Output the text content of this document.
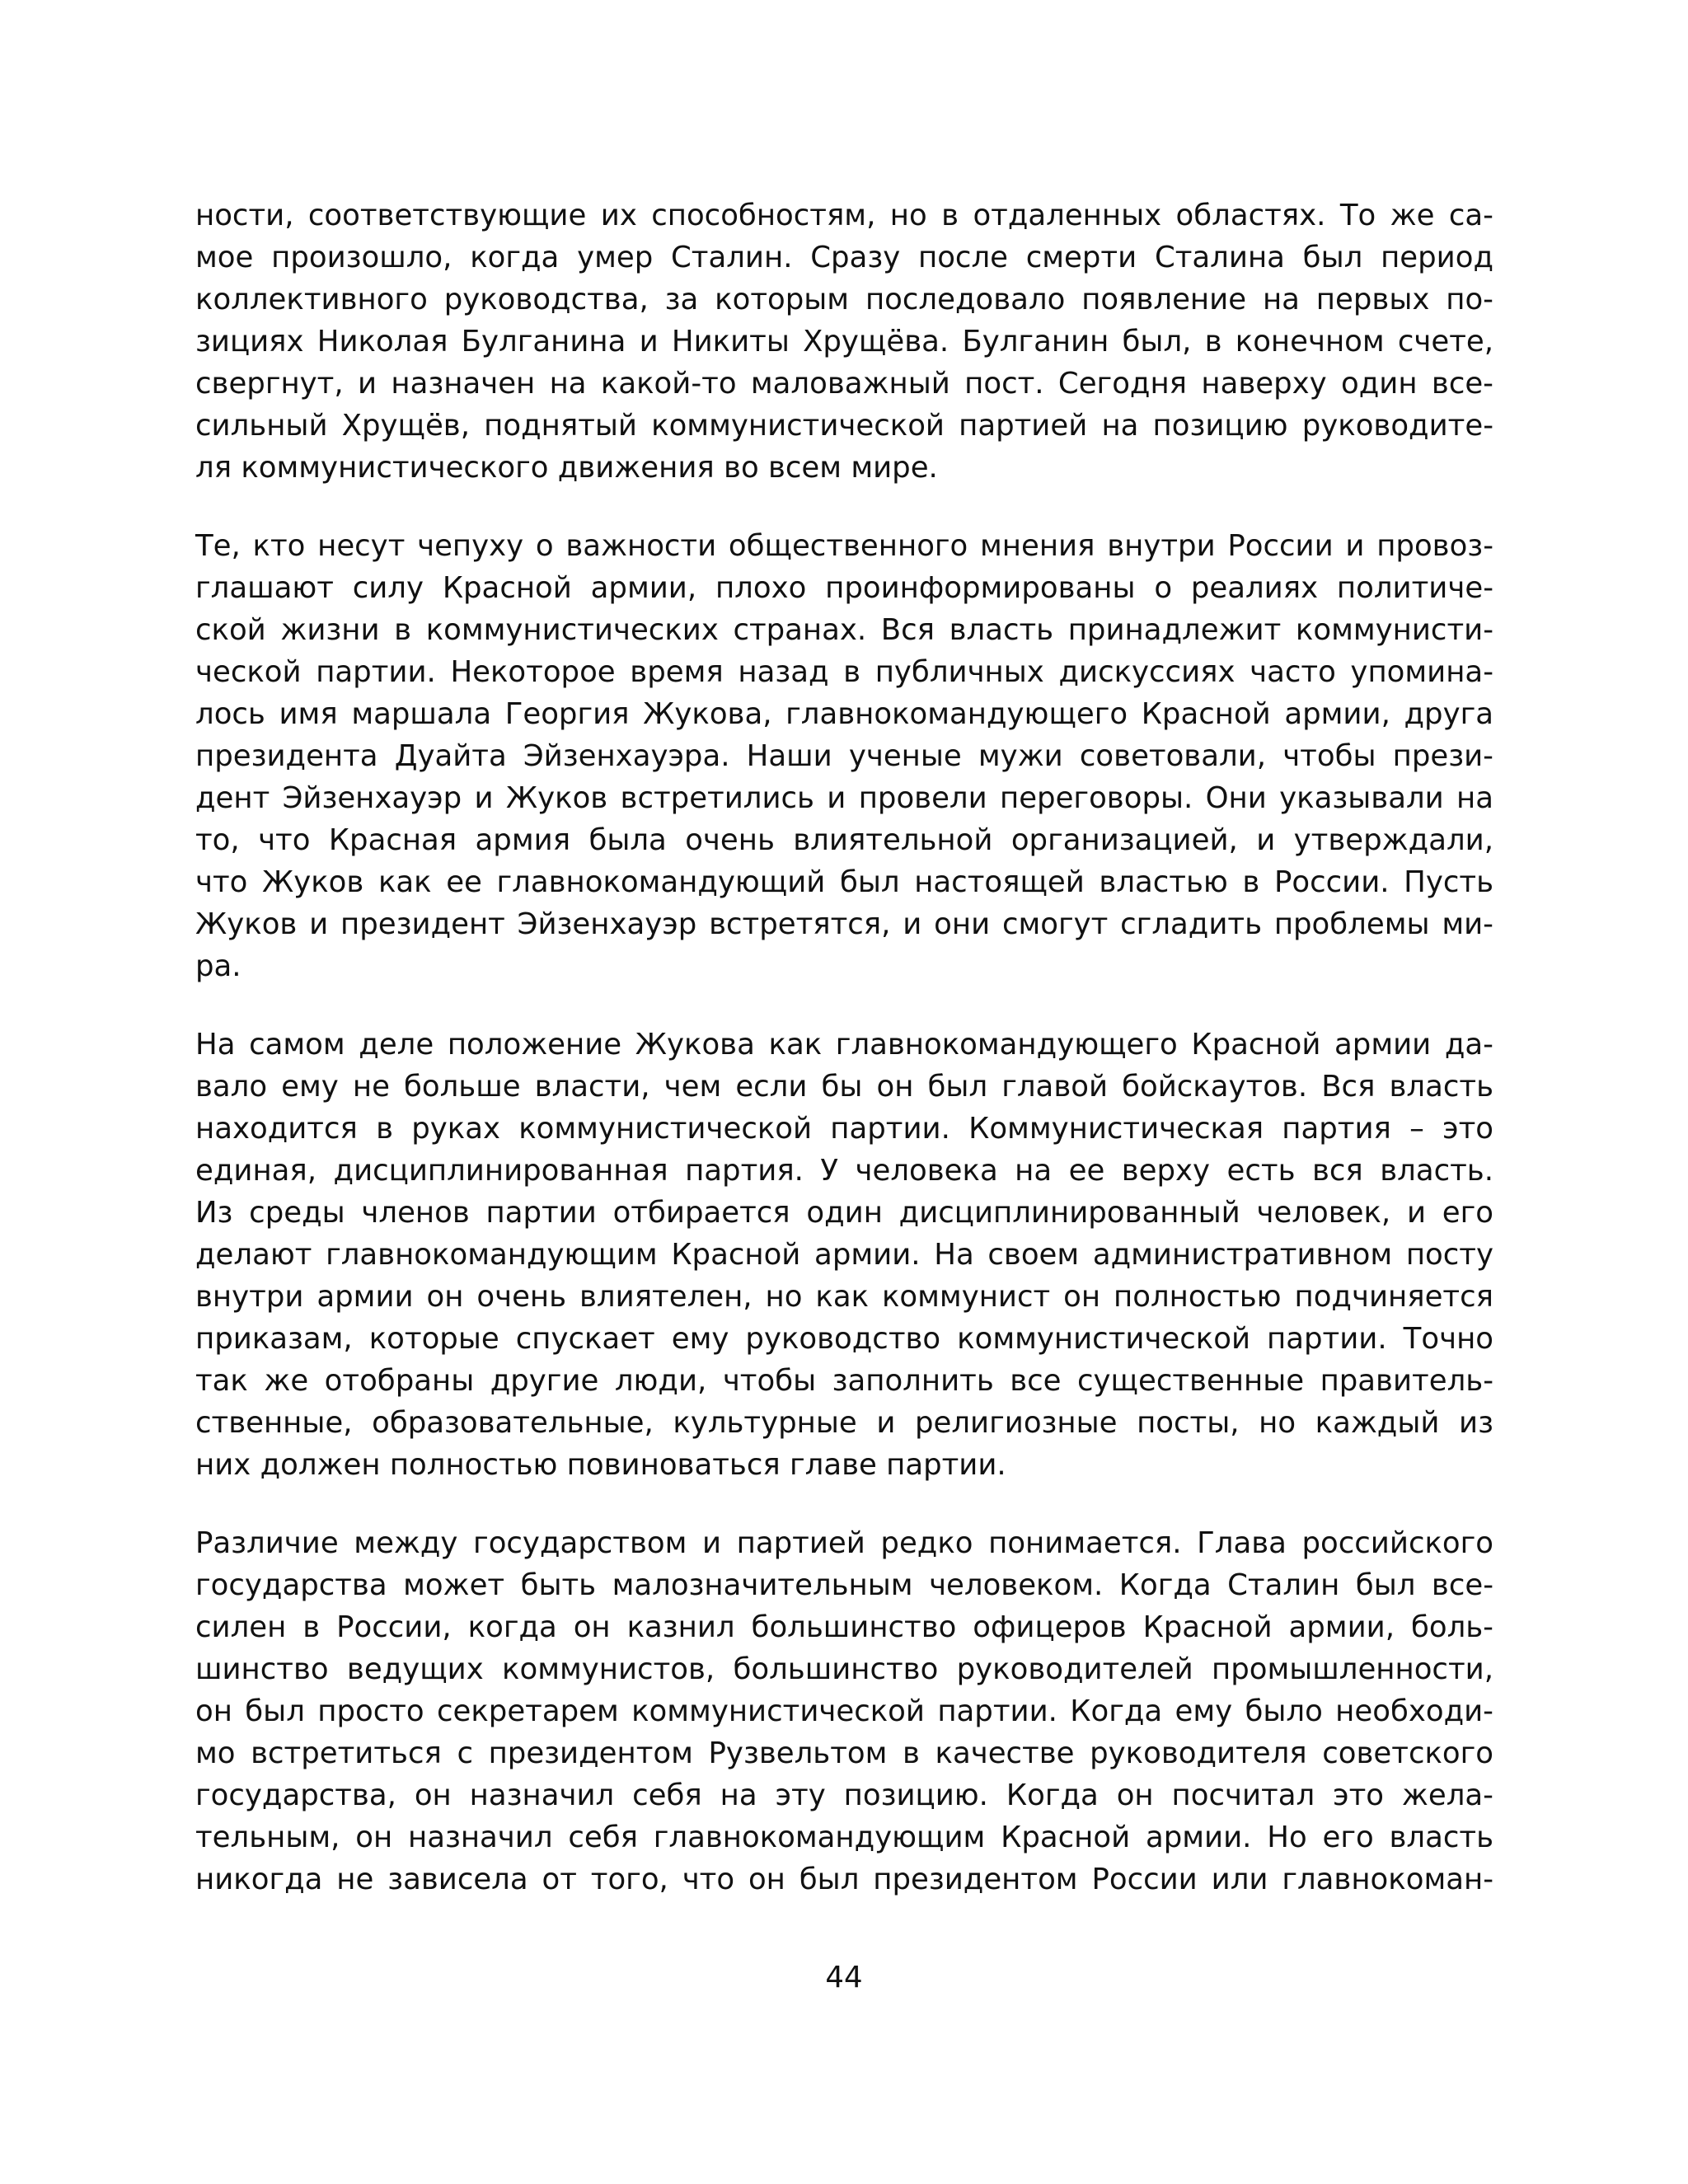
ности, соответствующие их способностям, но в отдаленных областях. То же са-
мое произошло, когда умер Сталин. Сразу после смерти Сталина был период
коллективного руководства, за которым последовало появление на первых по-
зициях Николая Булганина и Никиты Хрущёва. Булганин был, в конечном счете,
свергнут, и назначен на какой-то маловажный пост. Сегодня наверху один все-
сильный Хрущёв, поднятый коммунистической партией на позицию руководите-
ля коммунистического движения во всем мире.
Те, кто несут чепуху о важности общественного мнения внутри России и провоз-
глашают силу Красной армии, плохо проинформированы о реалиях политиче-
ской жизни в коммунистических странах. Вся власть принадлежит коммунисти-
ческой партии. Некоторое время назад в публичных дискуссиях часто упомина-
лось имя маршала Георгия Жукова, главнокомандующего Красной армии, друга
президента Дуайта Эйзенхауэра. Наши ученые мужи советовали, чтобы прези-
дент Эйзенхауэр и Жуков встретились и провели переговоры. Они указывали на
то, что Красная армия была очень влиятельной организацией, и утверждали,
что Жуков как ее главнокомандующий был настоящей властью в России. Пусть
Жуков и президент Эйзенхауэр встретятся, и они смогут сгладить проблемы ми-
ра.
На самом деле положение Жукова как главнокомандующего Красной армии да-
вало ему не больше власти, чем если бы он был главой бойскаутов. Вся власть
находится в руках коммунистической партии. Коммунистическая партия – это
единая, дисциплинированная партия. У человека на ее верху есть вся власть.
Из среды членов партии отбирается один дисциплинированный человек, и его
делают главнокомандующим Красной армии. На своем административном посту
внутри армии он очень влиятелен, но как коммунист он полностью подчиняется
приказам, которые спускает ему руководство коммунистической партии. Точно
так же отобраны другие люди, чтобы заполнить все существенные правитель-
ственные, образовательные, культурные и религиозные посты, но каждый из
них должен полностью повиноваться главе партии.
Различие между государством и партией редко понимается. Глава российского
государства может быть малозначительным человеком. Когда Сталин был все-
силен в России, когда он казнил большинство офицеров Красной армии, боль-
шинство ведущих коммунистов, большинство руководителей промышленности,
он был просто секретарем коммунистической партии. Когда ему было необходи-
мо встретиться с президентом Рузвельтом в качестве руководителя советского
государства, он назначил себя на эту позицию. Когда он посчитал это жела-
тельным, он назначил себя главнокомандующим Красной армии. Но его власть
никогда не зависела от того, что он был президентом России или главнокоман-
44
